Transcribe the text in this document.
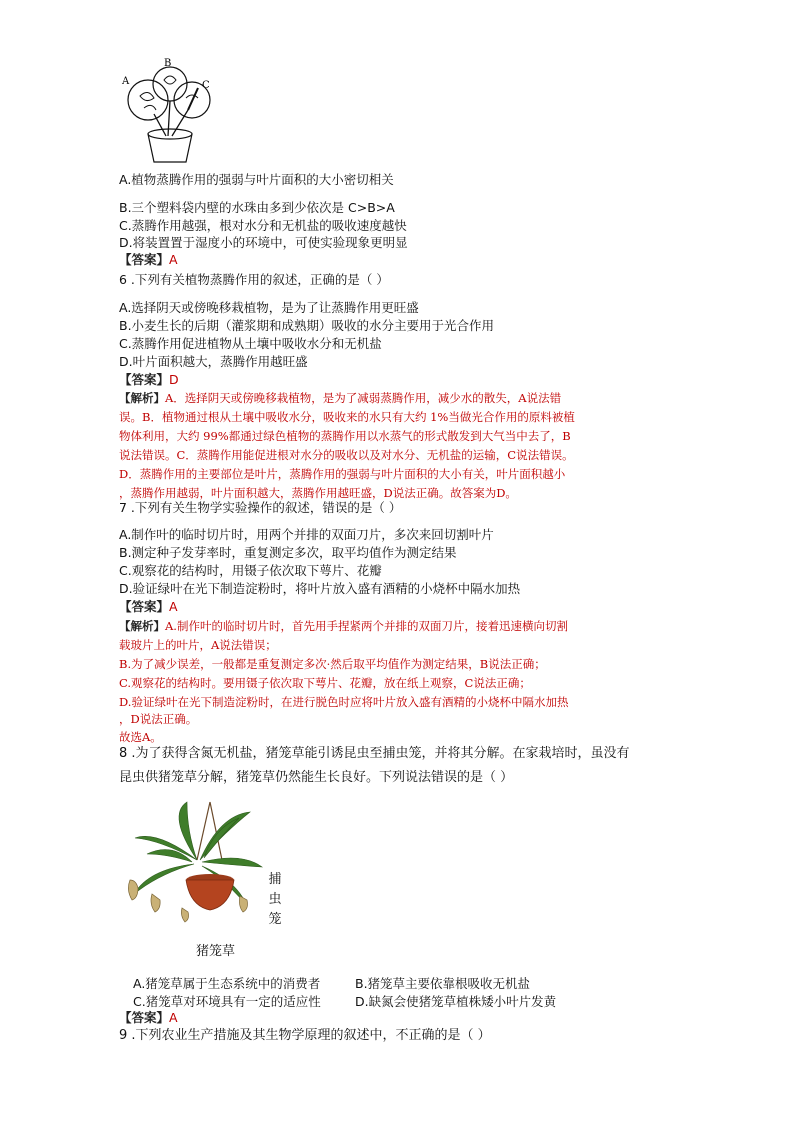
A
B
C
A.植物蒸腾作用的强弱与叶片面积的大小密切相关
B.三个塑料袋内壁的水珠由多到少依次是 C>B>A
C.蒸腾作用越强，根对水分和无机盐的吸收速度越快
D.将装置置于湿度小的环境中，可使实验现象更明显
【答案】A
6 .下列有关植物蒸腾作用的叙述，正确的是（ ）
A.选择阴天或傍晚移栽植物，是为了让蒸腾作用更旺盛
B.小麦生长的后期（灌浆期和成熟期）吸收的水分主要用于光合作用
C.蒸腾作用促进植物从土壤中吸收水分和无机盐
D.叶片面积越大，蒸腾作用越旺盛
【答案】D
【解析】A．选择阴天或傍晚移栽植物，是为了减弱蒸腾作用，减少水的散失，A说法错
误。B．植物通过根从土壤中吸收水分，吸收来的水只有大约 1%当做光合作用的原料被植
物体利用，大约 99%都通过绿色植物的蒸腾作用以水蒸气的形式散发到大气当中去了，B
说法错误。C．蒸腾作用能促进根对水分的吸收以及对水分、无机盐的运输，C说法错误。
D．蒸腾作用的主要部位是叶片，蒸腾作用的强弱与叶片面积的大小有关，叶片面积越小
，蒸腾作用越弱，叶片面积越大，蒸腾作用越旺盛，D说法正确。故答案为D。
7 .下列有关生物学实验操作的叙述，错误的是（ ）
A.制作叶的临时切片时，用两个并排的双面刀片，多次来回切割叶片
B.测定种子发芽率时，重复测定多次，取平均值作为测定结果
C.观察花的结构时，用镊子依次取下萼片、花瓣
D.验证绿叶在光下制造淀粉时，将叶片放入盛有酒精的小烧杯中隔水加热
【答案】A
【解析】A.制作叶的临时切片时，首先用手捏紧两个并排的双面刀片，接着迅速横向切割
载玻片上的叶片，A说法错误；
B.为了减少误差，一般都是重复测定多次·然后取平均值作为测定结果，B说法正确；
C.观察花的结构时。要用镊子依次取下萼片、花瓣，放在纸上观察，C说法正确；
D.验证绿叶在光下制造淀粉时，在进行脱色时应将叶片放入盛有酒精的小烧杯中隔水加热
，D说法正确。
故选A。
8 .为了获得含氮无机盐，猪笼草能引诱昆虫至捕虫笼，并将其分解。在家栽培时，虽没有
昆虫供猪笼草分解，猪笼草仍然能生长良好。下列说法错误的是（ ）
捕
虫
笼
猪笼草
A.猪笼草属于生态系统中的消费者	B.猪笼草主要依靠根吸收无机盐
C.猪笼草对环境具有一定的适应性	D.缺氮会使猪笼草植株矮小叶片发黄
【答案】A
9 .下列农业生产措施及其生物学原理的叙述中，不正确的是（ ）
